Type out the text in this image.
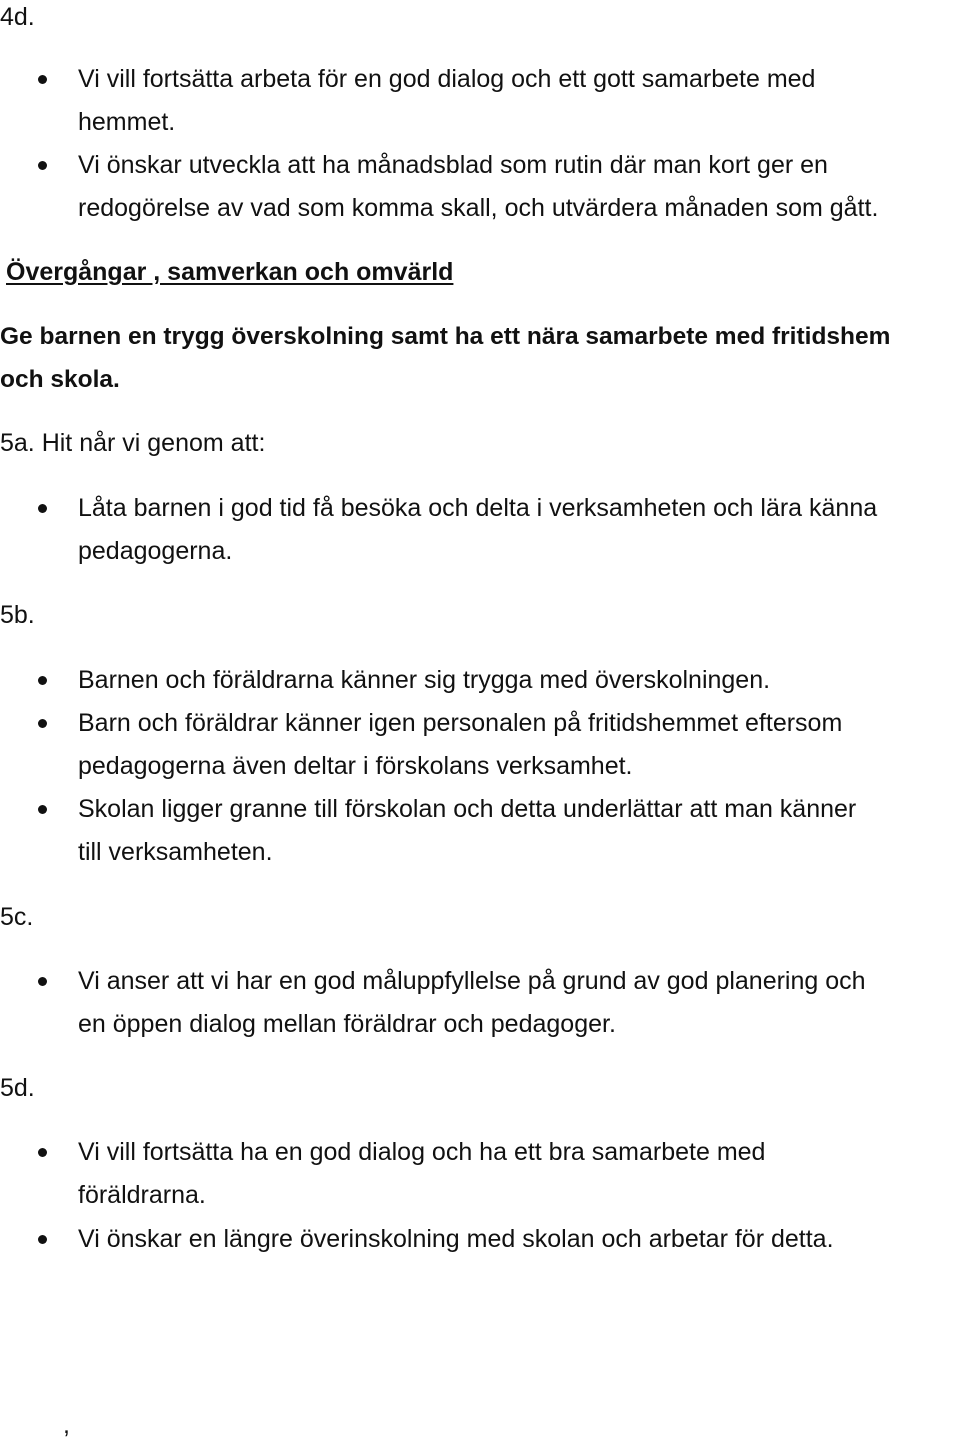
4d.
Vi vill fortsätta arbeta för en god dialog och ett gott samarbete med
hemmet.
Vi önskar utveckla att ha månadsblad som rutin där man kort ger en
redogörelse av vad som komma skall, och utvärdera månaden som gått.
Övergångar , samverkan och omvärld
Ge barnen en trygg överskolning samt ha ett nära samarbete med fritidshem
och skola.
5a. Hit når vi genom att:
Låta barnen i god tid få besöka och delta i verksamheten och lära känna
pedagogerna.
5b.
Barnen och föräldrarna känner sig trygga med överskolningen.
Barn och föräldrar känner igen personalen på fritidshemmet eftersom
pedagogerna även deltar i förskolans verksamhet.
Skolan ligger granne till förskolan och detta underlättar att man känner
till verksamheten.
5c.
Vi anser att vi har en god måluppfyllelse på grund av god planering och
en öppen dialog mellan föräldrar och pedagoger.
5d.
Vi vill fortsätta ha en god dialog och ha ett bra samarbete med
föräldrarna.
Vi önskar en längre överinskolning med skolan och arbetar för detta.
,
